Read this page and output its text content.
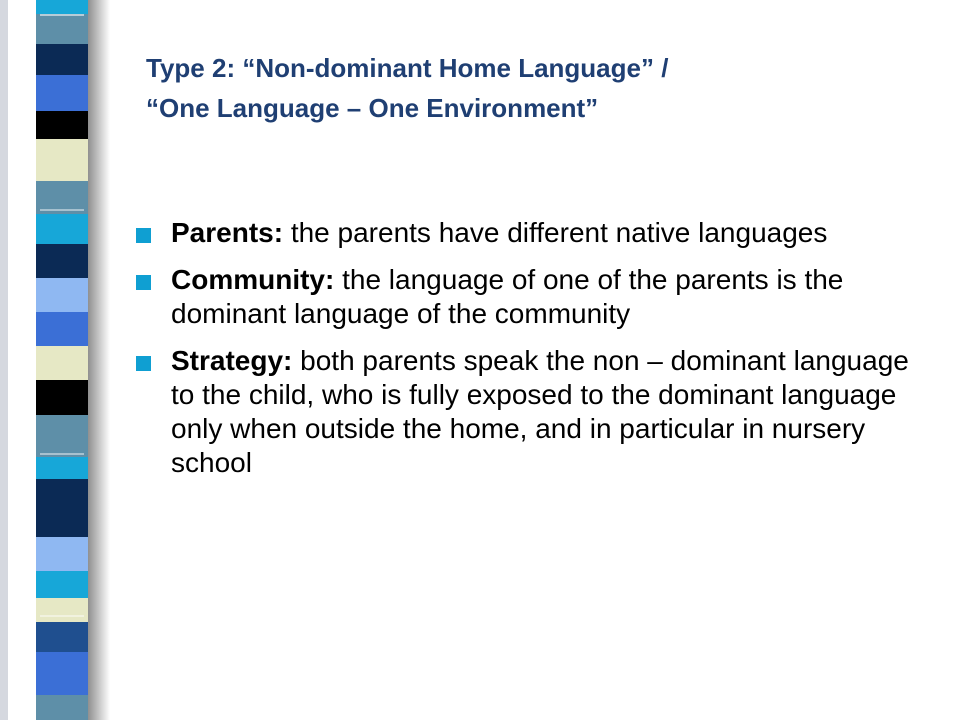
Type 2: “Non-dominant Home Language” /
“One Language – One Environment”
Parents: the parents have different native languages
Community: the language of one of the parents is the dominant language of the community
Strategy: both parents speak the non – dominant language to the child, who is fully exposed to the dominant language only when outside the home, and in particular in nursery school
